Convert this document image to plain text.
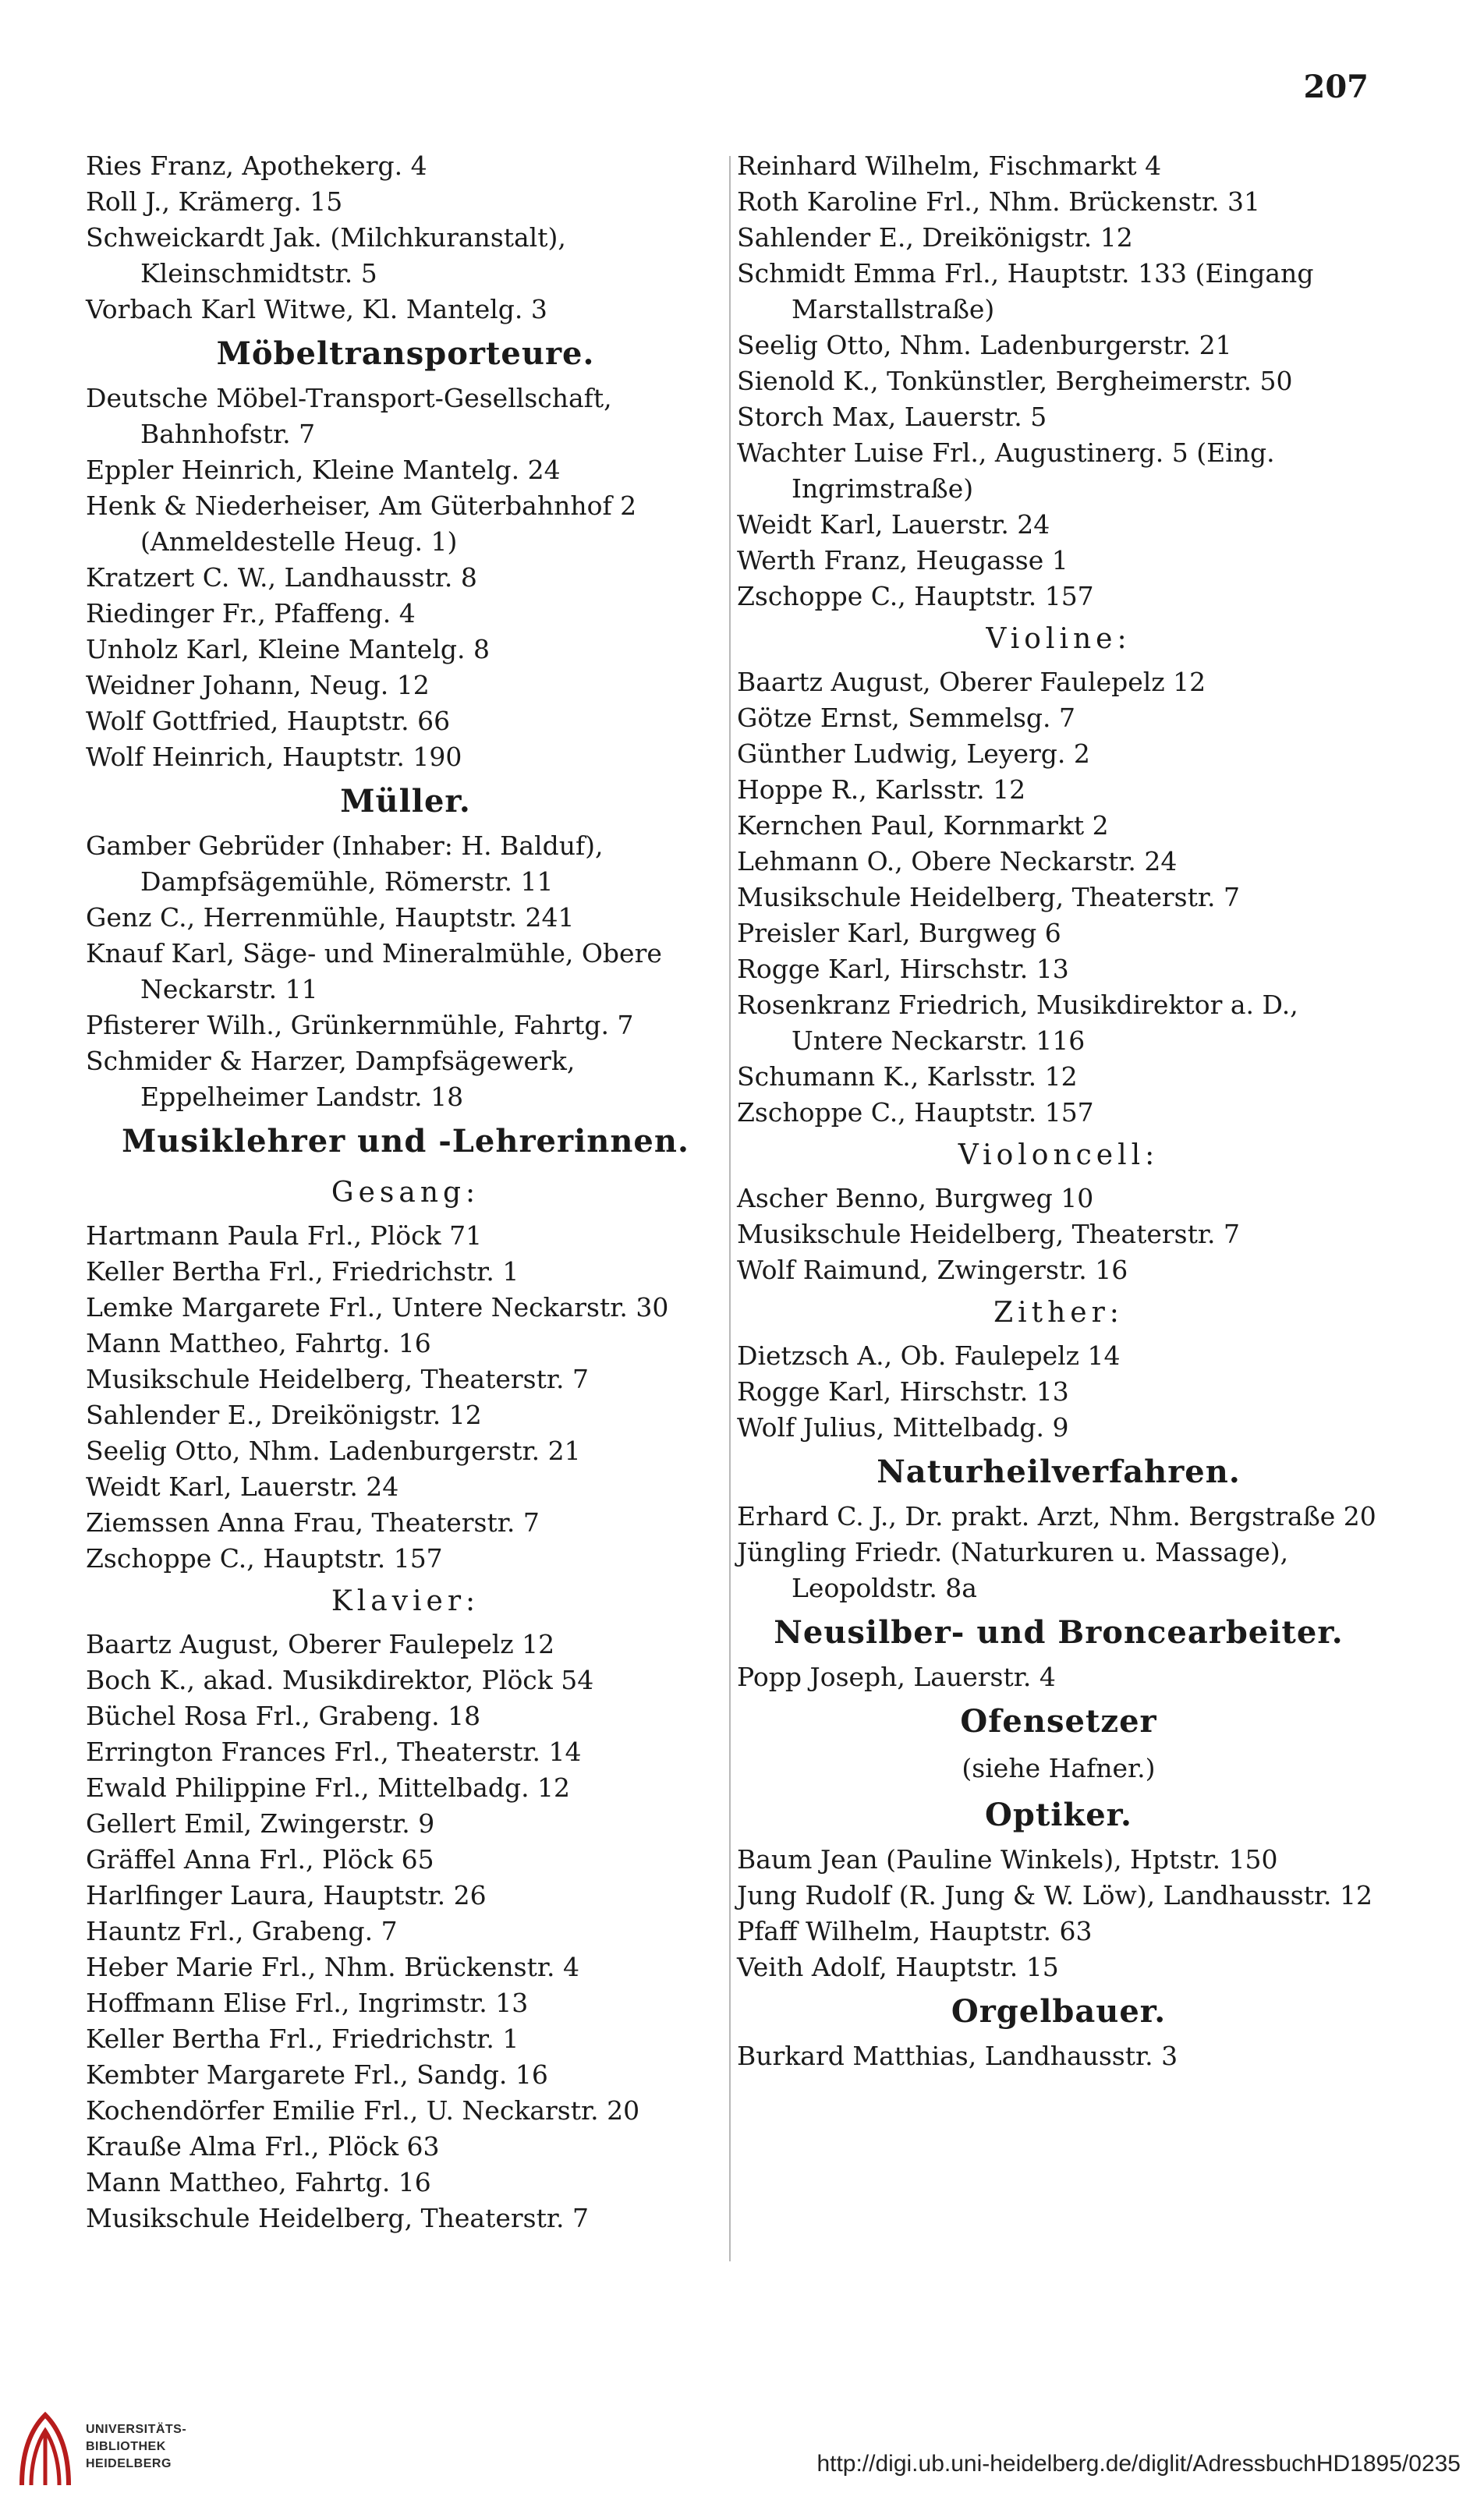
207
Ries Franz, Apothekerg. 4
Roll J., Krämerg. 15
Schweickardt Jak. (Milchkuranstalt), Kleinschmidtstr. 5
Vorbach Karl Witwe, Kl. Mantelg. 3
Möbeltransporteure.
Deutsche Möbel-Transport-Gesellschaft, Bahnhofstr. 7
Eppler Heinrich, Kleine Mantelg. 24
Henk & Niederheiser, Am Güterbahnhof 2 (Anmeldestelle Heug. 1)
Kratzert C. W., Landhausstr. 8
Riedinger Fr., Pfaffeng. 4
Unholz Karl, Kleine Mantelg. 8
Weidner Johann, Neug. 12
Wolf Gottfried, Hauptstr. 66
Wolf Heinrich, Hauptstr. 190
Müller.
Gamber Gebrüder (Inhaber: H. Balduf), Dampfsägemühle, Römerstr. 11
Genz C., Herrenmühle, Hauptstr. 241
Knauf Karl, Säge- und Mineralmühle, Obere Neckarstr. 11
Pfisterer Wilh., Grünkernmühle, Fahrtg. 7
Schmider & Harzer, Dampfsägewerk, Eppelheimer Landstr. 18
Musiklehrer und -Lehrerinnen.
Gesang:
Hartmann Paula Frl., Plöck 71
Keller Bertha Frl., Friedrichstr. 1
Lemke Margarete Frl., Untere Neckarstr. 30
Mann Mattheo, Fahrtg. 16
Musikschule Heidelberg, Theaterstr. 7
Sahlender E., Dreikönigstr. 12
Seelig Otto, Nhm. Ladenburgerstr. 21
Weidt Karl, Lauerstr. 24
Ziemssen Anna Frau, Theaterstr. 7
Zschoppe C., Hauptstr. 157
Klavier:
Baartz August, Oberer Faulepelz 12
Boch K., akad. Musikdirektor, Plöck 54
Büchel Rosa Frl., Grabeng. 18
Errington Frances Frl., Theaterstr. 14
Ewald Philippine Frl., Mittelbadg. 12
Gellert Emil, Zwingerstr. 9
Gräffel Anna Frl., Plöck 65
Harlfinger Laura, Hauptstr. 26
Hauntz Frl., Grabeng. 7
Heber Marie Frl., Nhm. Brückenstr. 4
Hoffmann Elise Frl., Ingrimstr. 13
Keller Bertha Frl., Friedrichstr. 1
Kembter Margarete Frl., Sandg. 16
Kochendörfer Emilie Frl., U. Neckarstr. 20
Krauße Alma Frl., Plöck 63
Mann Mattheo, Fahrtg. 16
Musikschule Heidelberg, Theaterstr. 7
Reinhard Wilhelm, Fischmarkt 4
Roth Karoline Frl., Nhm. Brückenstr. 31
Sahlender E., Dreikönigstr. 12
Schmidt Emma Frl., Hauptstr. 133 (Eingang Marstallstraße)
Seelig Otto, Nhm. Ladenburgerstr. 21
Sienold K., Tonkünstler, Bergheimerstr. 50
Storch Max, Lauerstr. 5
Wachter Luise Frl., Augustinerg. 5 (Eing. Ingrimstraße)
Weidt Karl, Lauerstr. 24
Werth Franz, Heugasse 1
Zschoppe C., Hauptstr. 157
Violine:
Baartz August, Oberer Faulepelz 12
Götze Ernst, Semmelsg. 7
Günther Ludwig, Leyerg. 2
Hoppe R., Karlsstr. 12
Kernchen Paul, Kornmarkt 2
Lehmann O., Obere Neckarstr. 24
Musikschule Heidelberg, Theaterstr. 7
Preisler Karl, Burgweg 6
Rogge Karl, Hirschstr. 13
Rosenkranz Friedrich, Musikdirektor a. D., Untere Neckarstr. 116
Schumann K., Karlsstr. 12
Zschoppe C., Hauptstr. 157
Violoncell:
Ascher Benno, Burgweg 10
Musikschule Heidelberg, Theaterstr. 7
Wolf Raimund, Zwingerstr. 16
Zither:
Dietzsch A., Ob. Faulepelz 14
Rogge Karl, Hirschstr. 13
Wolf Julius, Mittelbadg. 9
Naturheilverfahren.
Erhard C. J., Dr. prakt. Arzt, Nhm. Bergstraße 20
Jüngling Friedr. (Naturkuren u. Massage), Leopoldstr. 8a
Neusilber- und Broncearbeiter.
Popp Joseph, Lauerstr. 4
Ofensetzer
(siehe Hafner.)
Optiker.
Baum Jean (Pauline Winkels), Hptstr. 150
Jung Rudolf (R. Jung & W. Löw), Landhausstr. 12
Pfaff Wilhelm, Hauptstr. 63
Veith Adolf, Hauptstr. 15
Orgelbauer.
Burkard Matthias, Landhausstr. 3
UNIVERSITÄTS-
BIBLIOTHEK
HEIDELBERG	http://digi.ub.uni-heidelberg.de/diglit/AdressbuchHD1895/0235
